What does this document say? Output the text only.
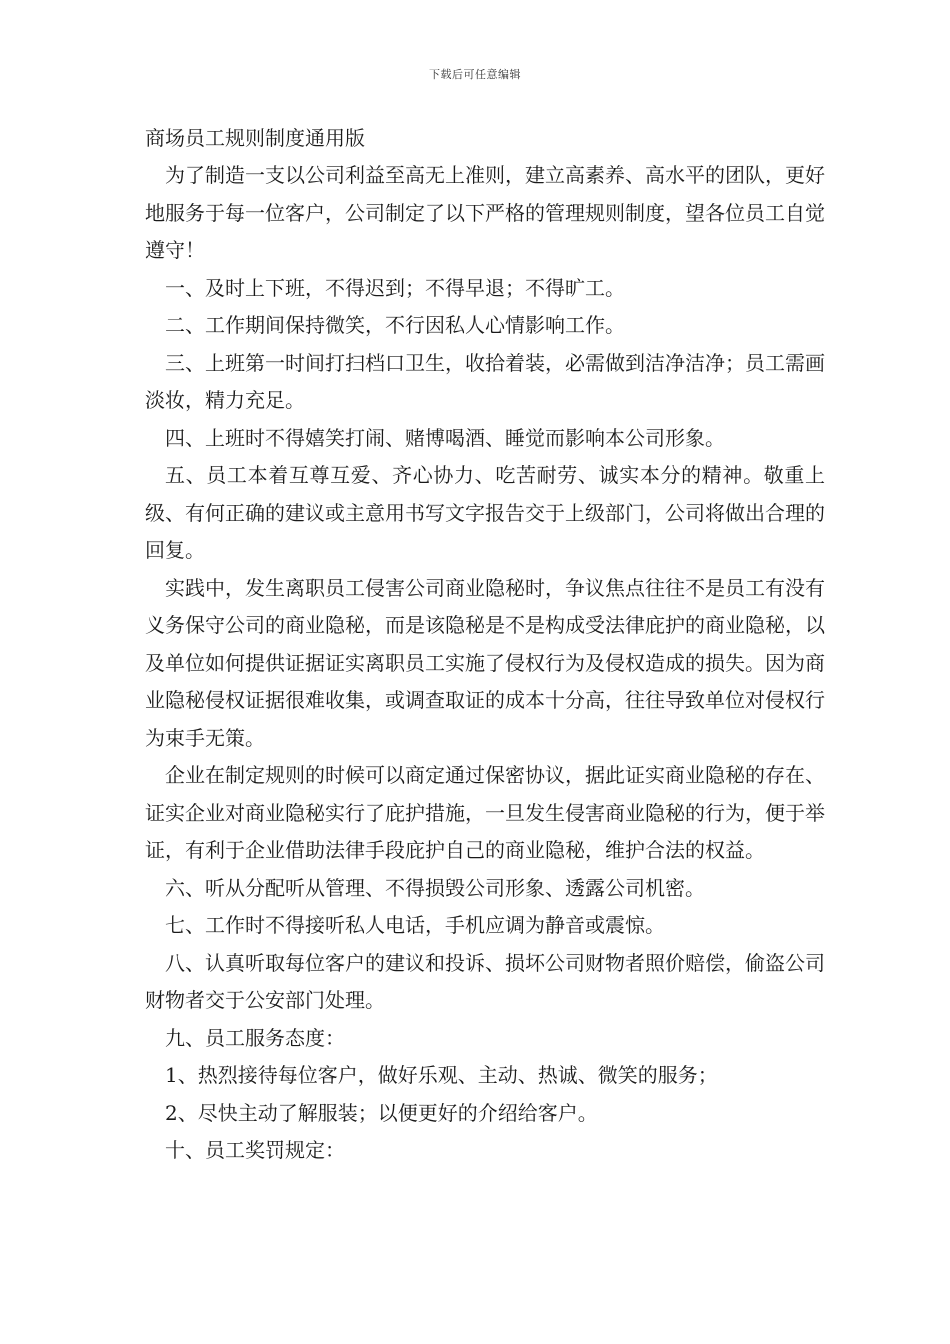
下载后可任意编辑

商场员工规则制度通用版

为了制造一支以公司利益至高无上准则，建立高素养、高水平的团队，更好地服务于每一位客户，公司制定了以下严格的管理规则制度，望各位员工自觉遵守！

一、及时上下班，不得迟到；不得早退；不得旷工。

二、工作期间保持微笑，不行因私人心情影响工作。

三、上班第一时间打扫档口卫生，收拾着装，必需做到洁净洁净；员工需画淡妆，精力充足。

四、上班时不得嬉笑打闹、赌博喝酒、睡觉而影响本公司形象。

五、员工本着互尊互爱、齐心协力、吃苦耐劳、诚实本分的精神。敬重上级、有何正确的建议或主意用书写文字报告交于上级部门，公司将做出合理的回复。

实践中，发生离职员工侵害公司商业隐秘时，争议焦点往往不是员工有没有义务保守公司的商业隐秘，而是该隐秘是不是构成受法律庇护的商业隐秘，以及单位如何提供证据证实离职员工实施了侵权行为及侵权造成的损失。因为商业隐秘侵权证据很难收集，或调查取证的成本十分高，往往导致单位对侵权行为束手无策。

企业在制定规则的时候可以商定通过保密协议，据此证实商业隐秘的存在、证实企业对商业隐秘实行了庇护措施，一旦发生侵害商业隐秘的行为，便于举证，有利于企业借助法律手段庇护自己的商业隐秘，维护合法的权益。

六、听从分配听从管理、不得损毁公司形象、透露公司机密。

七、工作时不得接听私人电话，手机应调为静音或震惊。

八、认真听取每位客户的建议和投诉、损坏公司财物者照价赔偿，偷盗公司财物者交于公安部门处理。

九、员工服务态度：

1、热烈接待每位客户，做好乐观、主动、热诚、微笑的服务；

2、尽快主动了解服装；以便更好的介绍给客户。

十、员工奖罚规定：
